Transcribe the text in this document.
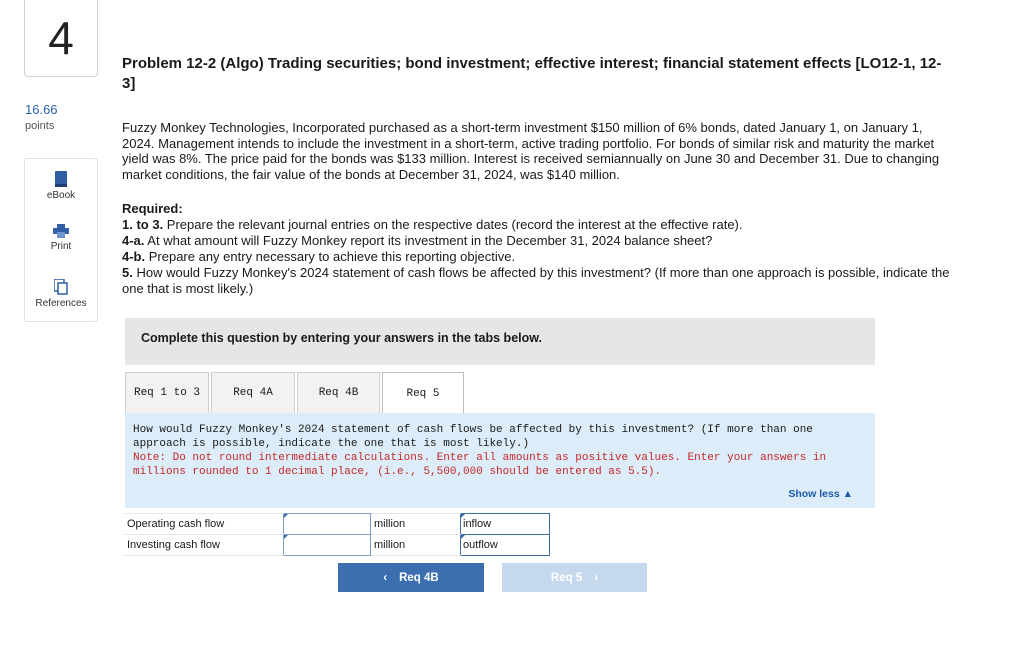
4
16.66
points
eBook
Print
References
Problem 12-2 (Algo) Trading securities; bond investment; effective interest; financial statement effects [LO12-1, 12-3]
Fuzzy Monkey Technologies, Incorporated purchased as a short-term investment $150 million of 6% bonds, dated January 1, on January 1, 2024. Management intends to include the investment in a short-term, active trading portfolio. For bonds of similar risk and maturity the market yield was 8%. The price paid for the bonds was $133 million. Interest is received semiannually on June 30 and December 31. Due to changing market conditions, the fair value of the bonds at December 31, 2024, was $140 million.
Required:
1. to 3. Prepare the relevant journal entries on the respective dates (record the interest at the effective rate).
4-a. At what amount will Fuzzy Monkey report its investment in the December 31, 2024 balance sheet?
4-b. Prepare any entry necessary to achieve this reporting objective.
5. How would Fuzzy Monkey's 2024 statement of cash flows be affected by this investment? (If more than one approach is possible, indicate the one that is most likely.)
Complete this question by entering your answers in the tabs below.
Req 1 to 3	Req 4A	Req 4B	Req 5
How would Fuzzy Monkey's 2024 statement of cash flows be affected by this investment? (If more than one approach is possible, indicate the one that is most likely.)
Note: Do not round intermediate calculations. Enter all amounts as positive values. Enter your answers in millions rounded to 1 decimal place, (i.e., 5,500,000 should be entered as 5.5).
Show less ▲
Operating cash flow		million	inflow
Investing cash flow		million	outflow
‹ Req 4B	Req 5 ›
